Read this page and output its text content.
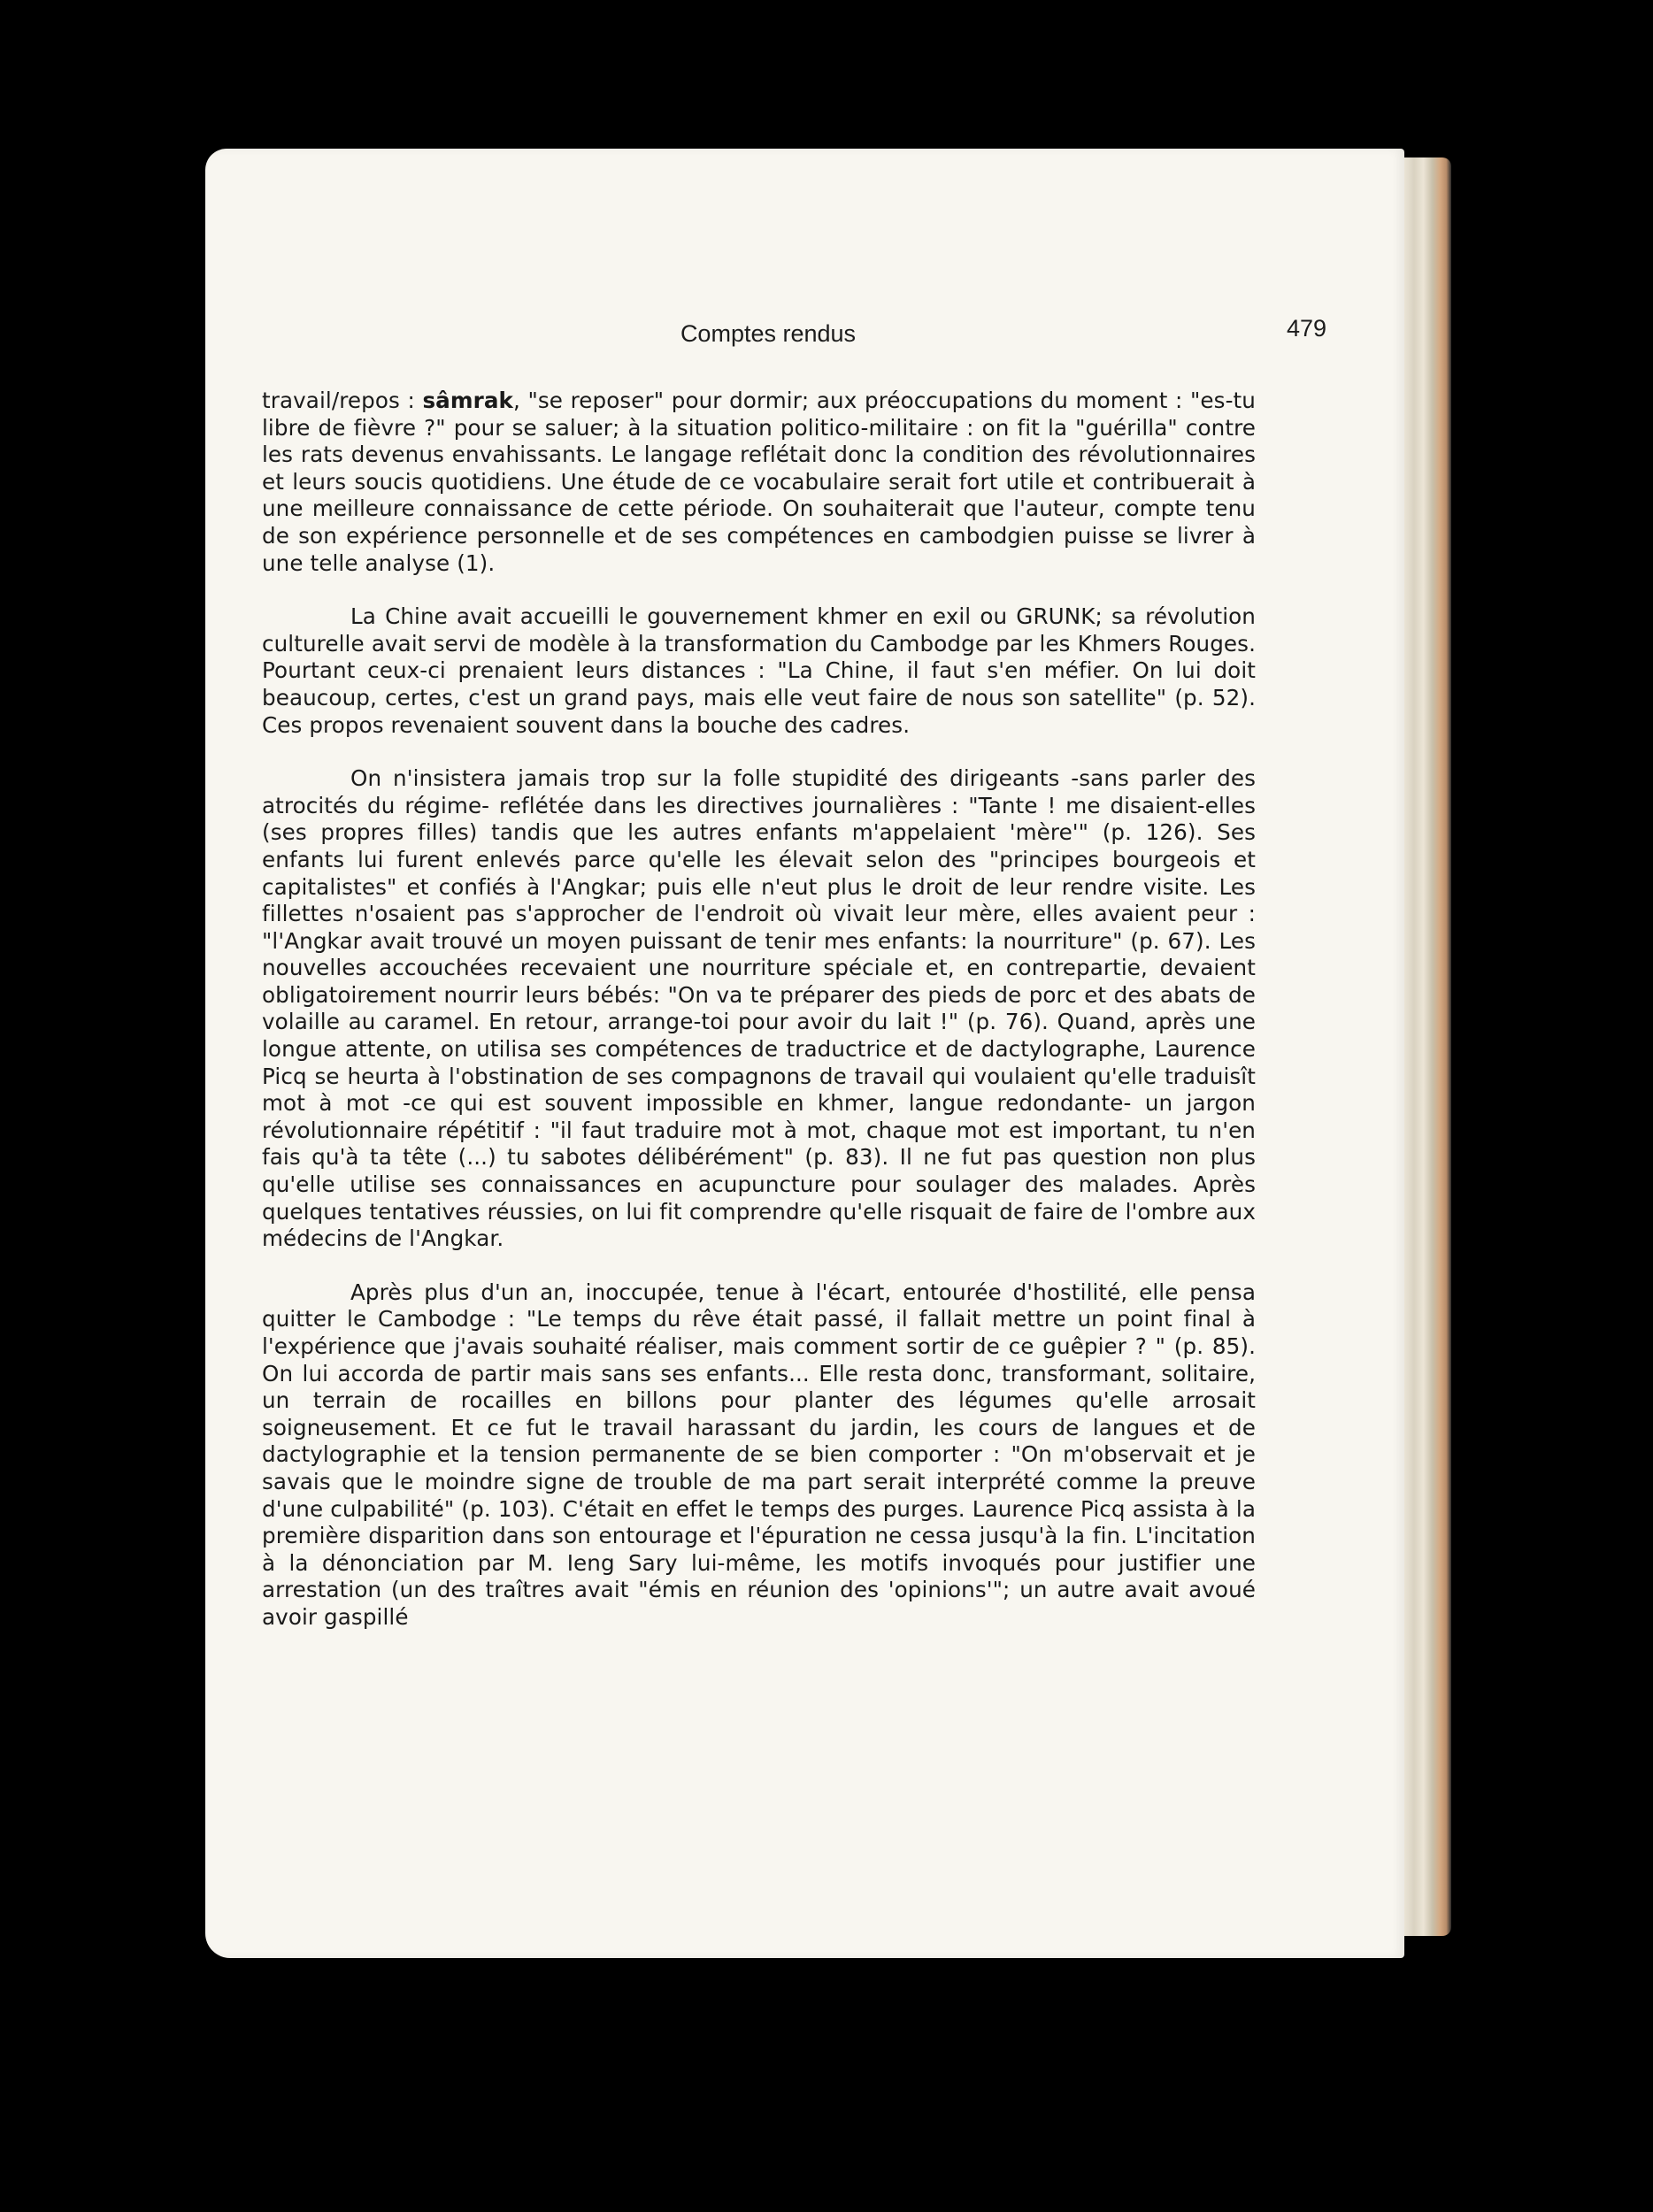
Comptes rendus	479

travail/repos : sâmrak, "se reposer" pour dormir; aux préoccupations du moment : "es-tu libre de fièvre ?" pour se saluer; à la situation politico-militaire : on fit la "guérilla" contre les rats devenus envahissants. Le langage reflétait donc la condition des révolutionnaires et leurs soucis quotidiens. Une étude de ce vocabulaire serait fort utile et contribuerait à une meilleure connaissance de cette période. On souhaiterait que l'auteur, compte tenu de son expérience personnelle et de ses compétences en cambodgien puisse se livrer à une telle analyse (1).

La Chine avait accueilli le gouvernement khmer en exil ou GRUNK; sa révolution culturelle avait servi de modèle à la transformation du Cambodge par les Khmers Rouges. Pourtant ceux-ci prenaient leurs distances : "La Chine, il faut s'en méfier. On lui doit beaucoup, certes, c'est un grand pays, mais elle veut faire de nous son satellite" (p. 52). Ces propos revenaient souvent dans la bouche des cadres.

On n'insistera jamais trop sur la folle stupidité des dirigeants -sans parler des atrocités du régime- reflétée dans les directives journalières : "Tante ! me disaient-elles (ses propres filles) tandis que les autres enfants m'appelaient 'mère'" (p. 126). Ses enfants lui furent enlevés parce qu'elle les élevait selon des "principes bourgeois et capitalistes" et confiés à l'Angkar; puis elle n'eut plus le droit de leur rendre visite. Les fillettes n'osaient pas s'approcher de l'endroit où vivait leur mère, elles avaient peur : "l'Angkar avait trouvé un moyen puissant de tenir mes enfants: la nourriture" (p. 67). Les nouvelles accouchées recevaient une nourriture spéciale et, en contrepartie, devaient obligatoirement nourrir leurs bébés: "On va te préparer des pieds de porc et des abats de volaille au caramel. En retour, arrange-toi pour avoir du lait !" (p. 76). Quand, après une longue attente, on utilisa ses compétences de traductrice et de dactylographe, Laurence Picq se heurta à l'obstination de ses compagnons de travail qui voulaient qu'elle traduisît mot à mot -ce qui est souvent impossible en khmer, langue redondante- un jargon révolutionnaire répétitif : "il faut traduire mot à mot, chaque mot est important, tu n'en fais qu'à ta tête (...) tu sabotes délibérément" (p. 83). Il ne fut pas question non plus qu'elle utilise ses connaissances en acupuncture pour soulager des malades. Après quelques tentatives réussies, on lui fit comprendre qu'elle risquait de faire de l'ombre aux médecins de l'Angkar.

Après plus d'un an, inoccupée, tenue à l'écart, entourée d'hostilité, elle pensa quitter le Cambodge : "Le temps du rêve était passé, il fallait mettre un point final à l'expérience que j'avais souhaité réaliser, mais comment sortir de ce guêpier ? " (p. 85). On lui accorda de partir mais sans ses enfants... Elle resta donc, transformant, solitaire, un terrain de rocailles en billons pour planter des légumes qu'elle arrosait soigneusement. Et ce fut le travail harassant du jardin, les cours de langues et de dactylographie et la tension permanente de se bien comporter : "On m'observait et je savais que le moindre signe de trouble de ma part serait interprété comme la preuve d'une culpabilité" (p. 103). C'était en effet le temps des purges. Laurence Picq assista à la première disparition dans son entourage et l'épuration ne cessa jusqu'à la fin. L'incitation à la dénonciation par M. Ieng Sary lui-même, les motifs invoqués pour justifier une arrestation (un des traîtres avait "émis en réunion des 'opinions'"; un autre avait avoué avoir gaspillé
